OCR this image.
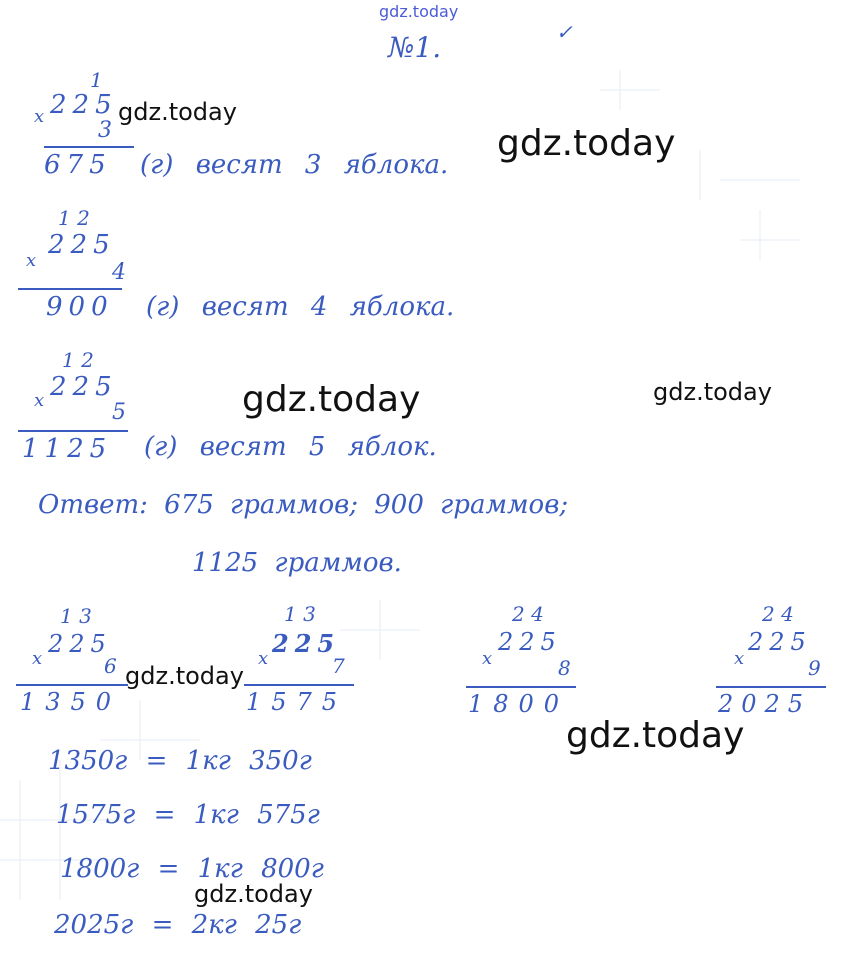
gdz.today
№1.	✓
1
x 225
3
675 (г) весят 3 яблока.
1 2
x
225
4
900 (г) весят 4 яблока.
1 2
x 225
5
1125 (г) весят 5 яблок.
Ответ: 675 граммов; 900 граммов;
1125 граммов.
1 3
x
225
6
1350
1 3
x
225
7
1575
2 4
x
225
8
1800
2 4
x
225
9
2025
1350г = 1кг 350г
1575г = 1кг 575г
1800г = 1кг 800г
2025г = 2кг 25г
gdz.today
gdz.today
gdz.today	gdz.today
gdz.today
gdz.today
gdz.today
